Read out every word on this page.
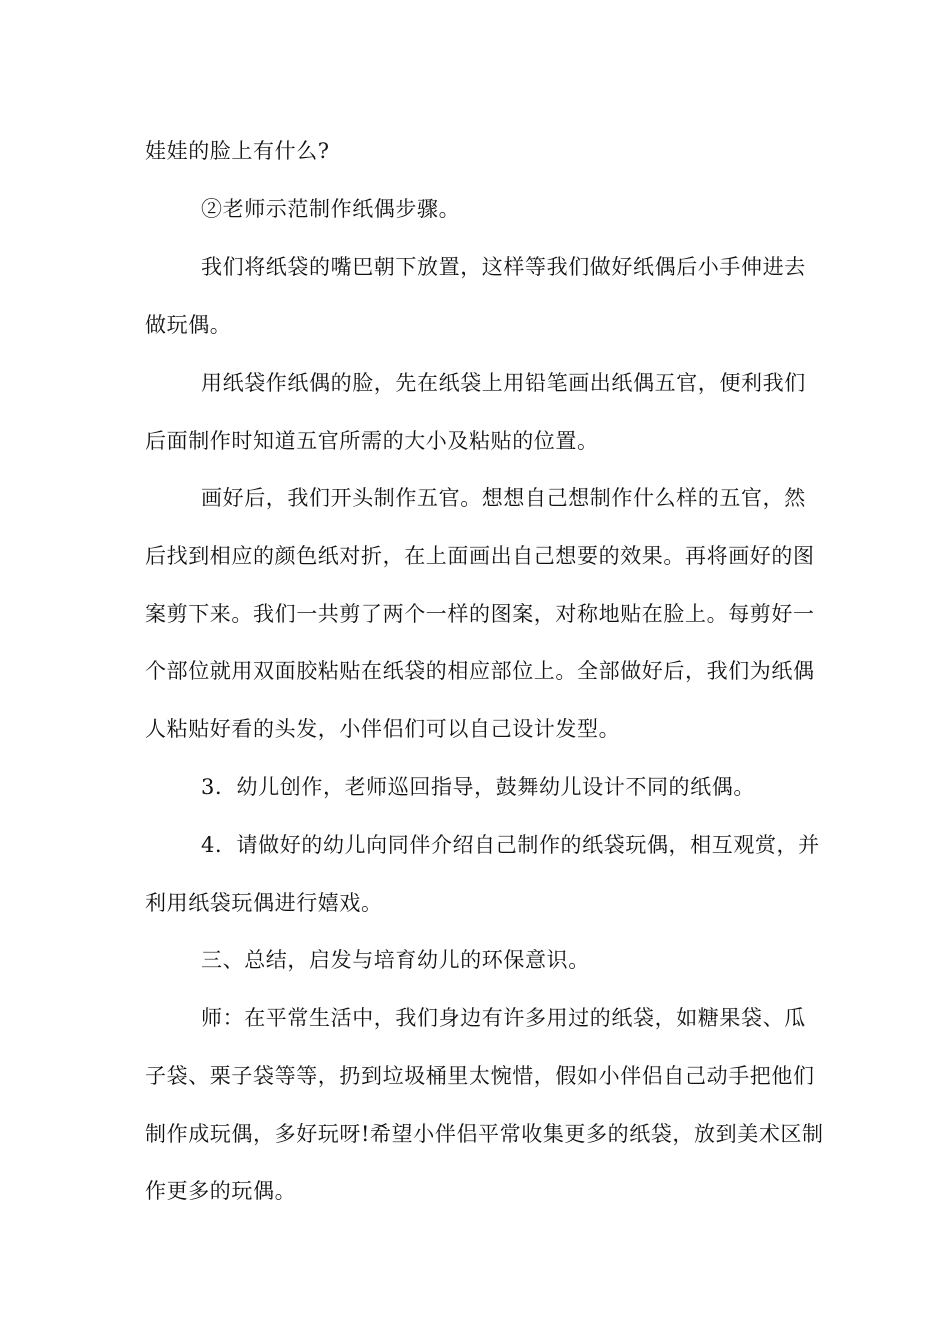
娃娃的脸上有什么?

②老师示范制作纸偶步骤。

我们将纸袋的嘴巴朝下放置，这样等我们做好纸偶后小手伸进去做玩偶。

用纸袋作纸偶的脸，先在纸袋上用铅笔画出纸偶五官，便利我们后面制作时知道五官所需的大小及粘贴的位置。

画好后，我们开头制作五官。想想自己想制作什么样的五官，然后找到相应的颜色纸对折，在上面画出自己想要的效果。再将画好的图案剪下来。我们一共剪了两个一样的图案，对称地贴在脸上。每剪好一个部位就用双面胶粘贴在纸袋的相应部位上。全部做好后，我们为纸偶人粘贴好看的头发，小伴侣们可以自己设计发型。

3．幼儿创作，老师巡回指导，鼓舞幼儿设计不同的纸偶。

4．请做好的幼儿向同伴介绍自己制作的纸袋玩偶，相互观赏，并利用纸袋玩偶进行嬉戏。

三、总结，启发与培育幼儿的环保意识。

师：在平常生活中，我们身边有许多用过的纸袋，如糖果袋、瓜子袋、栗子袋等等，扔到垃圾桶里太惋惜，假如小伴侣自己动手把他们制作成玩偶，多好玩呀!希望小伴侣平常收集更多的纸袋，放到美术区制作更多的玩偶。
